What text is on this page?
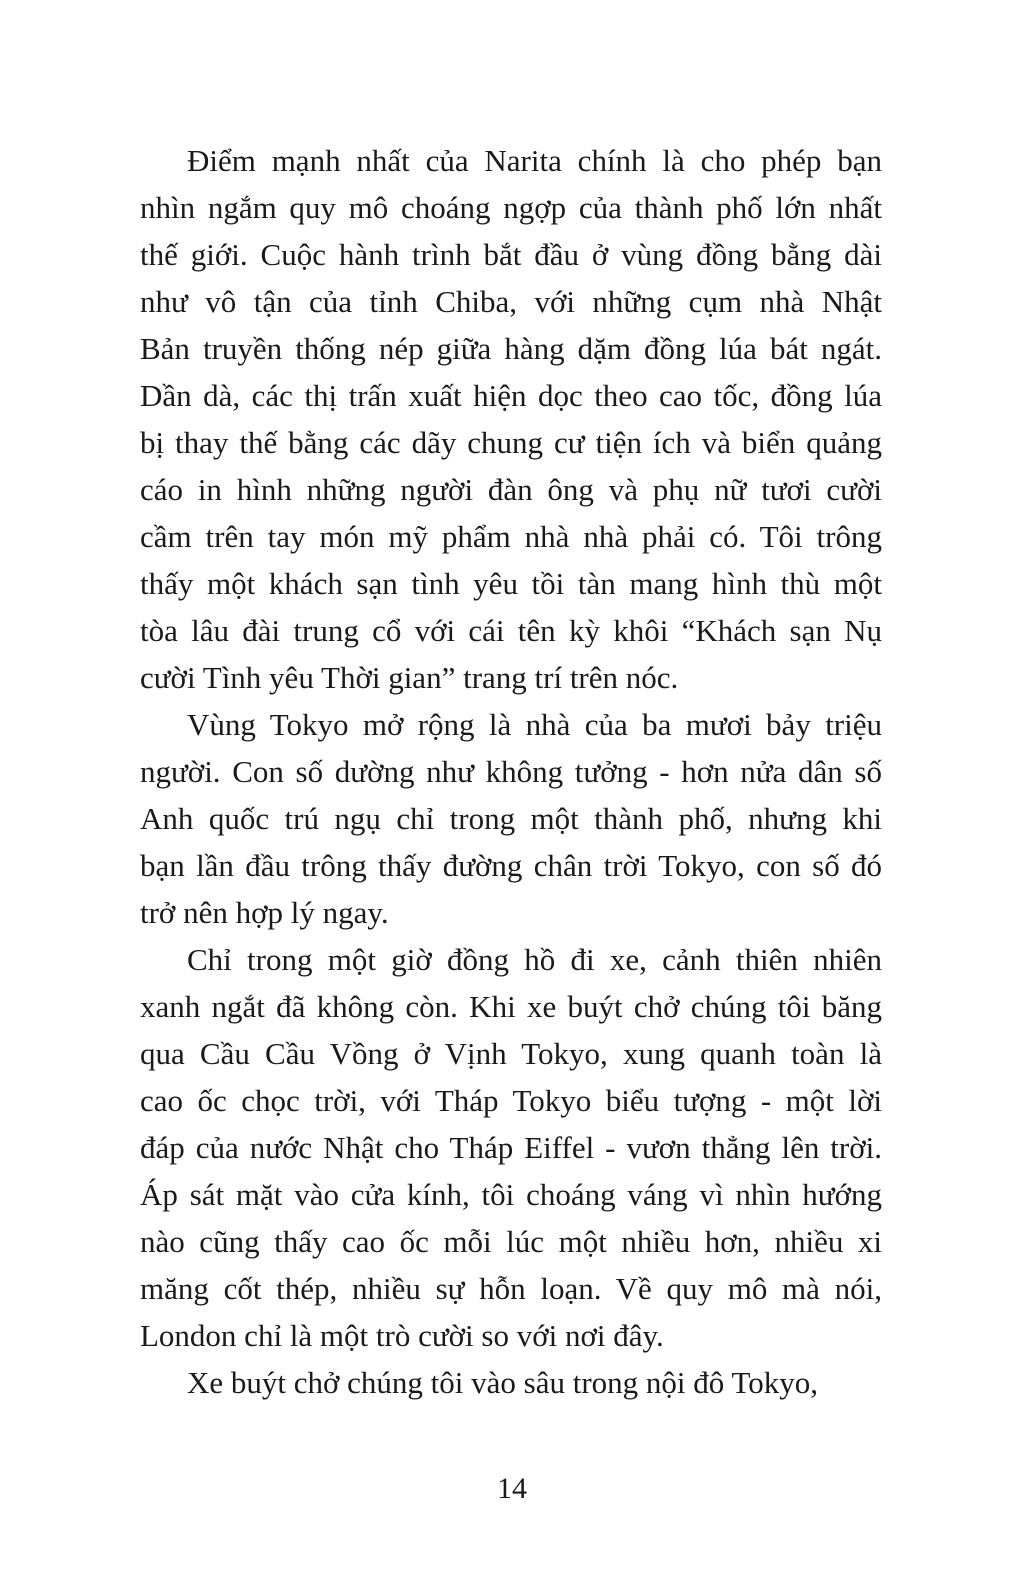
Điểm mạnh nhất của Narita chính là cho phép bạn
nhìn ngắm quy mô choáng ngợp của thành phố lớn nhất
thế giới. Cuộc hành trình bắt đầu ở vùng đồng bằng dài
như vô tận của tỉnh Chiba, với những cụm nhà Nhật
Bản truyền thống nép giữa hàng dặm đồng lúa bát ngát.
Dần dà, các thị trấn xuất hiện dọc theo cao tốc, đồng lúa
bị thay thế bằng các dãy chung cư tiện ích và biển quảng
cáo in hình những người đàn ông và phụ nữ tươi cười
cầm trên tay món mỹ phẩm nhà nhà phải có. Tôi trông
thấy một khách sạn tình yêu tồi tàn mang hình thù một
tòa lâu đài trung cổ với cái tên kỳ khôi “Khách sạn Nụ
cười Tình yêu Thời gian” trang trí trên nóc.
Vùng Tokyo mở rộng là nhà của ba mươi bảy triệu
người. Con số dường như không tưởng - hơn nửa dân số
Anh quốc trú ngụ chỉ trong một thành phố, nhưng khi
bạn lần đầu trông thấy đường chân trời Tokyo, con số đó
trở nên hợp lý ngay.
Chỉ trong một giờ đồng hồ đi xe, cảnh thiên nhiên
xanh ngắt đã không còn. Khi xe buýt chở chúng tôi băng
qua Cầu Cầu Vồng ở Vịnh Tokyo, xung quanh toàn là
cao ốc chọc trời, với Tháp Tokyo biểu tượng - một lời
đáp của nước Nhật cho Tháp Eiffel - vươn thẳng lên trời.
Áp sát mặt vào cửa kính, tôi choáng váng vì nhìn hướng
nào cũng thấy cao ốc mỗi lúc một nhiều hơn, nhiều xi
măng cốt thép, nhiều sự hỗn loạn. Về quy mô mà nói,
London chỉ là một trò cười so với nơi đây.
Xe buýt chở chúng tôi vào sâu trong nội đô Tokyo,
14
